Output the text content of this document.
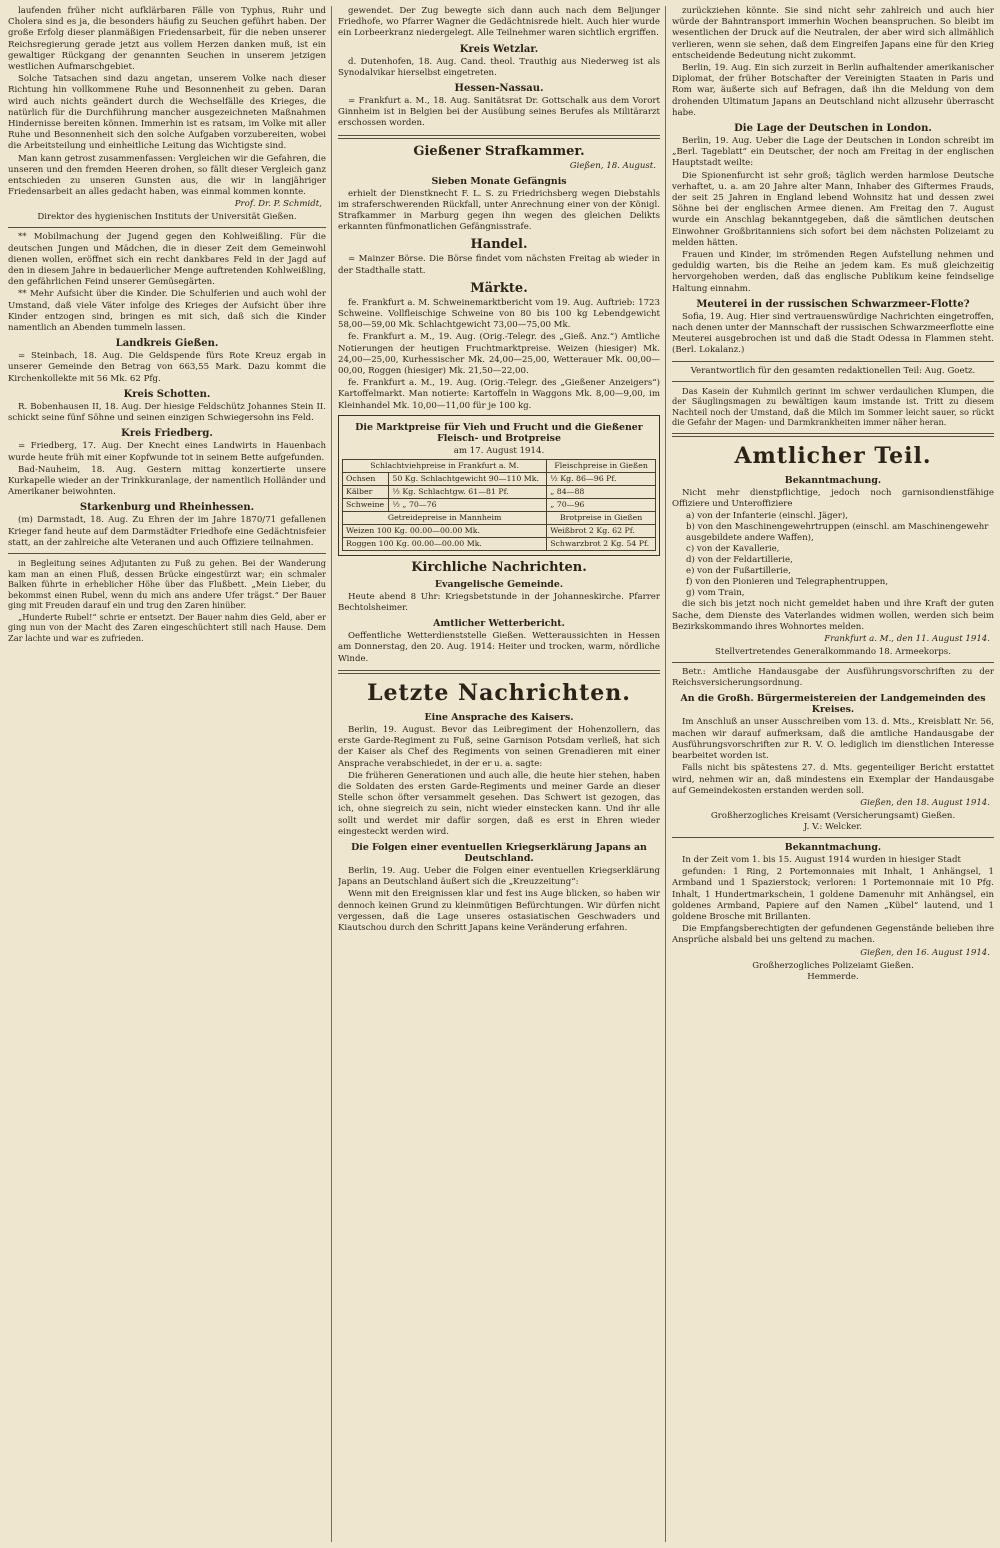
laufenden früher nicht aufklärbaren Fälle von Typhus, Ruhr und Cholera sind es ja, die besonders häufig zu Seuchen geführt haben. Der große Erfolg dieser planmäßigen Friedensarbeit, für die neben unserer Reichsregierung gerade jetzt aus vollem Herzen danken muß, ist ein gewaltiger Rückgang der genannten Seuchen in unserem jetzigen westlichen Aufmarschgebiet.

Solche Tatsachen sind dazu angetan, unserem Volke nach dieser Richtung hin vollkommene Ruhe und Besonnenheit zu geben. Daran wird auch nichts geändert durch die Wechselfälle des Krieges, die natürlich für die Durchführung mancher ausgezeichneten Maßnahmen Hindernisse bereiten können. Immerhin ist es ratsam, im Volke mit aller Ruhe und Besonnenheit sich den solche Aufgaben vorzubereiten, wobei die Arbeitsteilung und einheitliche Leitung das Wichtigste sind.

Man kann getrost zusammenfassen: Vergleichen wir die Gefahren, die unseren und den fremden Heeren drohen, so fällt dieser Vergleich ganz entschieden zu unseren Gunsten aus, die wir in langjähriger Friedensarbeit an alles gedacht haben, was einmal kommen konnte.

Prof. Dr. P. Schmidt,
Direktor des hygienischen Instituts der Universität Gießen.

** Mobilmachung der Jugend gegen den Kohlweißling. Für die deutschen Jungen und Mädchen, die in dieser Zeit dem Gemeinwohl dienen wollen, eröffnet sich ein recht dankbares Feld in der Jagd auf den in diesem Jahre in bedauerlicher Menge auftretenden Kohlweißling, den gefährlichen Feind unserer Gemüsegärten.

** Mehr Aufsicht über die Kinder. Die Schulferien und auch wohl der Umstand, daß viele Väter infolge des Krieges der Aufsicht über ihre Kinder entzogen sind, bringen es mit sich, daß sich die Kinder namentlich an Abenden tummeln lassen.

Landkreis Gießen.

= Steinbach, 18. Aug. Die Geldspende fürs Rote Kreuz ergab in unserer Gemeinde den Betrag von 663,55 Mark. Dazu kommt die Kirchenkollekte mit 56 Mk. 62 Pfg.

Kreis Schotten.

R. Bobenhausen II, 18. Aug. Der hiesige Feldschütz Johannes Stein II. schickt seine fünf Söhne und seinen einzigen Schwiegersohn ins Feld.

Kreis Friedberg.

= Friedberg, 17. Aug. Der Knecht eines Landwirts in Hauenbach wurde heute früh mit einer Kopfwunde tot in seinem Bette aufgefunden.

Bad-Nauheim, 18. Aug. Gestern mittag konzertierte unsere Kurkapelle wieder an der Trinkkuranlage, der namentlich Holländer und Amerikaner beiwohnten.

Starkenburg und Rheinhessen.

(m) Darmstadt, 18. Aug. Zu Ehren der im Jahre 1870/71 gefallenen Krieger fand heute auf dem Darmstädter Friedhofe eine Gedächtnisfeier statt, an der zahlreiche alte Veteranen und auch Offiziere teilnahmen.

in Begleitung seines Adjutanten zu Fuß zu gehen. Bei der Wanderung kam man an einen Fluß, dessen Brücke eingestürzt war; ein schmaler Balken führte in erheblicher Höhe über das Flußbett. „Mein Lieber, du bekommst einen Rubel, wenn du mich ans andere Ufer trägst.“ Der Bauer ging mit Freuden darauf ein und trug den Zaren hinüber.

„Hunderte Rubel!“ schrie er entsetzt. Der Bauer nahm dies Geld, aber er ging nun von der Macht des Zaren eingeschüchtert still nach Hause. Dem Zar lachte und war es zufrieden.

gewendet. Der Zug bewegte sich dann auch nach dem Beljunger Friedhofe, wo Pfarrer Wagner die Gedächtnisrede hielt. Auch hier wurde ein Lorbeerkranz niedergelegt. Alle Teilnehmer waren sichtlich ergriffen.

Kreis Wetzlar.

d. Dutenhofen, 18. Aug. Cand. theol. Trauthig aus Niederweg ist als Synodalvikar hierselbst eingetreten.

Hessen-Nassau.

= Frankfurt a. M., 18. Aug. Sanitätsrat Dr. Gottschalk aus dem Vorort Ginnheim ist in Belgien bei der Ausübung seines Berufes als Militärarzt erschossen worden.

Gießener Strafkammer.
Gießen, 18. August.
Sieben Monate Gefängnis

erhielt der Dienstknecht F. L. S. zu Friedrichsberg wegen Diebstahls im straferschwerenden Rückfall, unter Anrechnung einer von der Königl. Strafkammer in Marburg gegen ihn wegen des gleichen Delikts erkannten fünfmonatlichen Gefängnisstrafe.

Handel.

= Mainzer Börse. Die Börse findet vom nächsten Freitag ab wieder in der Stadthalle statt.

Märkte.

fe. Frankfurt a. M. Schweinemarktbericht vom 19. Aug. Auftrieb: 1723 Schweine. Vollfleischige Schweine von 80 bis 100 kg Lebendgewicht 58,00—59,00 Mk. Schlachtgewicht 73,00—75,00 Mk.

fe. Frankfurt a. M., 19. Aug. (Orig.-Telegr. des „Gieß. Anz.“) Amtliche Notierungen der heutigen Fruchtmarktpreise. Weizen (hiesiger) Mk. 24,00—25,00, Kurhessischer Mk. 24,00—25,00, Wetterauer Mk. 00,00—00,00, Roggen (hiesiger) Mk. 21,50—22,00.

fe. Frankfurt a. M., 19. Aug. (Orig.-Telegr. des „Gießener Anzeigers“) Kartoffelmarkt. Man notierte: Kartoffeln in Waggons Mk. 8,00—9,00, im Kleinhandel Mk. 10,00—11,00 für je 100 kg.

Die Marktpreise für Vieh und Frucht und die Gießener Fleisch- und Brotpreise
am 17. August 1914.
Schlachtviehpreise in Frankfurt a. M.		Fleischpreise in Gießen
Ochsen	50 Kg. Schlachtgewicht 90—110 Mk.	½ Kg. 86—96 Pf.
Kälber	½ Kg. Schlachtgw. 61—81 Pf.	„ 84—88
Schweine	½ „ 70—76	„ 70—96
Getreidepreise in Mannheim		Brotpreise in Gießen
Weizen 100 Kg. 00.00—00.00 Mk.		Weißbrot 2 Kg. 62 Pf.
Roggen 100 Kg. 00.00—00.00 Mk.		Schwarzbrot 2 Kg. 54 Pf.
Kirchliche Nachrichten.
Evangelische Gemeinde.

Heute abend 8 Uhr: Kriegsbetstunde in der Johanneskirche. Pfarrer Bechtolsheimer.

Amtlicher Wetterbericht.

Oeffentliche Wetterdienststelle Gießen. Wetteraussichten in Hessen am Donnerstag, den 20. Aug. 1914: Heiter und trocken, warm, nördliche Winde.

Letzte Nachrichten.
Eine Ansprache des Kaisers.

Berlin, 19. August. Bevor das Leibregiment der Hohenzollern, das erste Garde-Regiment zu Fuß, seine Garnison Potsdam verließ, hat sich der Kaiser als Chef des Regiments von seinen Grenadieren mit einer Ansprache verabschiedet, in der er u. a. sagte:

Die früheren Generationen und auch alle, die heute hier stehen, haben die Soldaten des ersten Garde-Regiments und meiner Garde an dieser Stelle schon öfter versammelt gesehen. Das Schwert ist gezogen, das ich, ohne siegreich zu sein, nicht wieder einstecken kann. Und ihr alle sollt und werdet mir dafür sorgen, daß es erst in Ehren wieder eingesteckt werden wird.

Die Folgen einer eventuellen Kriegserklärung Japans an Deutschland.

Berlin, 19. Aug. Ueber die Folgen einer eventuellen Kriegserklärung Japans an Deutschland äußert sich die „Kreuzzeitung“:

Wenn mit den Ereignissen klar und fest ins Auge blicken, so haben wir dennoch keinen Grund zu kleinmütigen Befürchtungen. Wir dürfen nicht vergessen, daß die Lage unseres ostasiatischen Geschwaders und Kiautschou durch den Schritt Japans keine Veränderung erfahren.

zurückziehen könnte. Sie sind nicht sehr zahlreich und auch hier würde der Bahntransport immerhin Wochen beanspruchen. So bleibt im wesentlichen der Druck auf die Neutralen, der aber wird sich allmählich verlieren, wenn sie sehen, daß dem Eingreifen Japans eine für den Krieg entscheidende Bedeutung nicht zukommt.

Berlin, 19. Aug. Ein sich zurzeit in Berlin aufhaltender amerikanischer Diplomat, der früher Botschafter der Vereinigten Staaten in Paris und Rom war, äußerte sich auf Befragen, daß ihn die Meldung von dem drohenden Ultimatum Japans an Deutschland nicht allzusehr überrascht habe.

Die Lage der Deutschen in London.

Berlin, 19. Aug. Ueber die Lage der Deutschen in London schreibt im „Berl. Tageblatt“ ein Deutscher, der noch am Freitag in der englischen Hauptstadt weilte:

Die Spionenfurcht ist sehr groß; täglich werden harmlose Deutsche verhaftet, u. a. am 20 Jahre alter Mann, Inhaber des Giftermes Frauds, der seit 25 Jahren in England lebend Wohnsitz hat und dessen zwei Söhne bei der englischen Armee dienen. Am Freitag den 7. August wurde ein Anschlag bekanntgegeben, daß die sämtlichen deutschen Einwohner Großbritanniens sich sofort bei dem nächsten Polizeiamt zu melden hätten.

Frauen und Kinder, im strömenden Regen Aufstellung nehmen und geduldig warten, bis die Reihe an jedem kam. Es muß gleichzeitig hervorgehoben werden, daß das englische Publikum keine feindselige Haltung einnahm.

Meuterei in der russischen Schwarzmeer-Flotte?

Sofia, 19. Aug. Hier sind vertrauenswürdige Nachrichten eingetroffen, nach denen unter der Mannschaft der russischen Schwarzmeerflotte eine Meuterei ausgebrochen ist und daß die Stadt Odessa in Flammen steht. (Berl. Lokalanz.)

Verantwortlich für den gesamten redaktionellen Teil: Aug. Goetz.

Das Kasein der Kuhmilch gerinnt im schwer verdaulichen Klumpen, die der Säuglingsmagen zu bewältigen kaum imstande ist. Tritt zu diesem Nachteil noch der Umstand, daß die Milch im Sommer leicht sauer, so rückt die Gefahr der Magen- und Darmkrankheiten immer näher heran.

Amtlicher Teil.
Bekanntmachung.

Nicht mehr dienstpflichtige, jedoch noch garnisondienstfähige Offiziere und Unteroffiziere

a) von der Infanterie (einschl. Jäger),
b) von den Maschinengewehrtruppen (einschl. am Maschinengewehr ausgebildete andere Waffen),
c) von der Kavallerie,
d) von der Feldartillerie,
e) von der Fußartillerie,
f) von den Pionieren und Telegraphentruppen,
g) vom Train,

die sich bis jetzt noch nicht gemeldet haben und ihre Kraft der guten Sache, dem Dienste des Vaterlandes widmen wollen, werden sich beim Bezirkskommando ihres Wohnortes melden.

Frankfurt a. M., den 11. August 1914.
Stellvertretendes Generalkommando 18. Armeekorps.

Betr.: Amtliche Handausgabe der Ausführungsvorschriften zu der Reichsversicherungsordnung.

An die Großh. Bürgermeistereien der Landgemeinden des Kreises.

Im Anschluß an unser Ausschreiben vom 13. d. Mts., Kreisblatt Nr. 56, machen wir darauf aufmerksam, daß die amtliche Handausgabe der Ausführungsvorschriften zur R. V. O. lediglich im dienstlichen Interesse bearbeitet worden ist.

Falls nicht bis spätestens 27. d. Mts. gegenteiliger Bericht erstattet wird, nehmen wir an, daß mindestens ein Exemplar der Handausgabe auf Gemeindekosten erstanden werden soll.

Gießen, den 18. August 1914.
Großherzogliches Kreisamt (Versicherungsamt) Gießen.
J. V.: Welcker.
Bekanntmachung.

In der Zeit vom 1. bis 15. August 1914 wurden in hiesiger Stadt

gefunden: 1 Ring, 2 Portemonnaies mit Inhalt, 1 Anhängsel, 1 Armband und 1 Spazierstock; verloren: 1 Portemonnaie mit 10 Pfg. Inhalt, 1 Hundertmarkschein, 1 goldene Damenuhr mit Anhängsel, ein goldenes Armband, Papiere auf den Namen „Kübel“ lautend, und 1 goldene Brosche mit Brillanten.

Die Empfangsberechtigten der gefundenen Gegenstände belieben ihre Ansprüche alsbald bei uns geltend zu machen.

Gießen, den 16. August 1914.
Großherzogliches Polizeiamt Gießen.
Hemmerde.
